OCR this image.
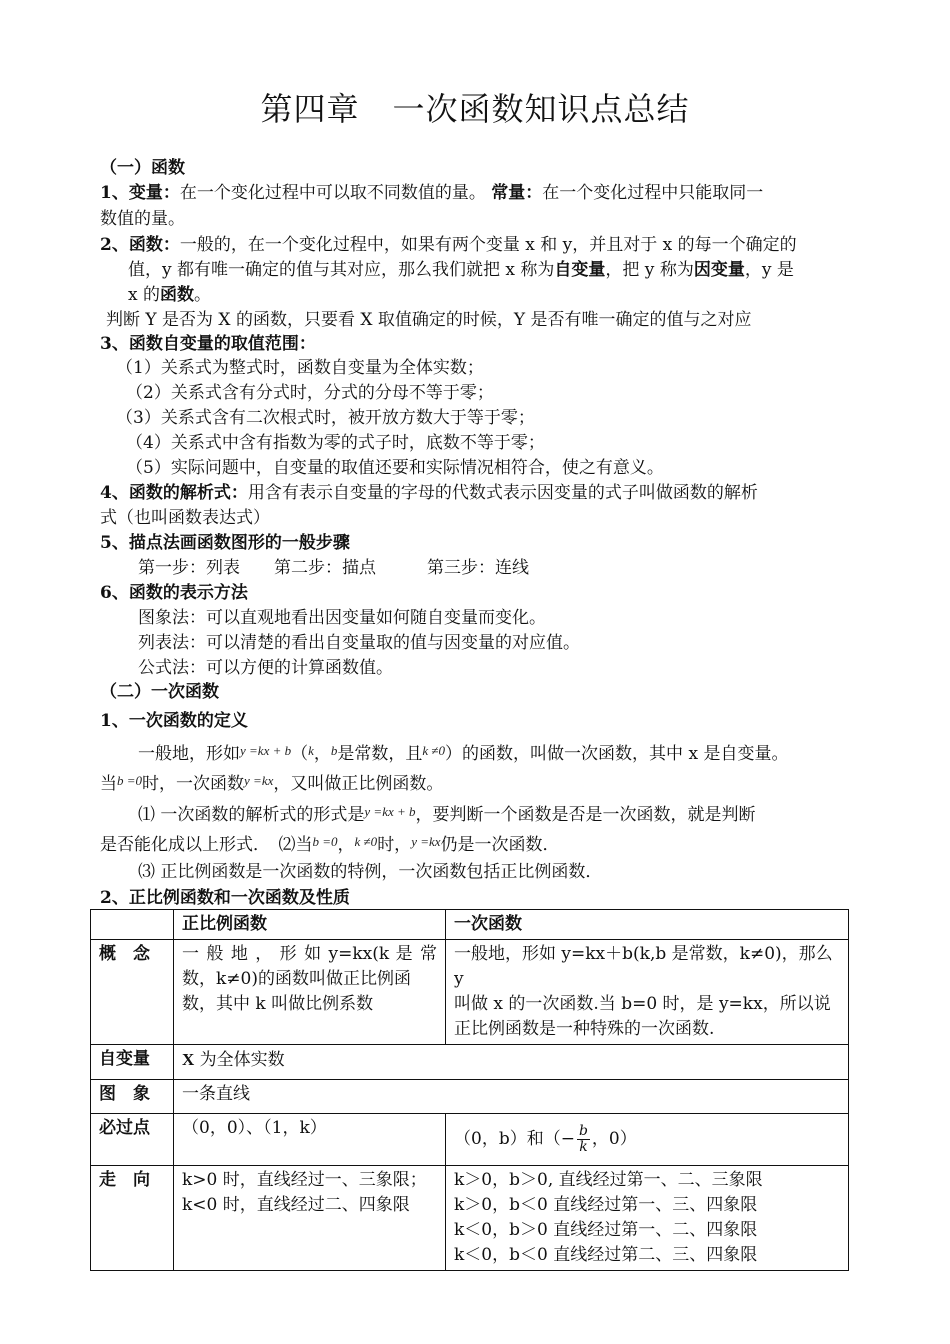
第四章　一次函数知识点总结
（一）函数
1、变量：在一个变化过程中可以取不同数值的量。 常量：在一个变化过程中只能取同一
数值的量。
2、函数：一般的，在一个变化过程中，如果有两个变量 x 和 y，并且对于 x 的每一个确定的
值，y 都有唯一确定的值与其对应，那么我们就把 x 称为自变量，把 y 称为因变量，y 是
x 的函数。
判断 Y 是否为 X 的函数，只要看 X 取值确定的时候，Y 是否有唯一确定的值与之对应
3、函数自变量的取值范围：
（1）关系式为整式时，函数自变量为全体实数；
（2）关系式含有分式时，分式的分母不等于零；
（3）关系式含有二次根式时，被开放方数大于等于零；
（4）关系式中含有指数为零的式子时，底数不等于零；
（5）实际问题中，自变量的取值还要和实际情况相符合，使之有意义。
4、函数的解析式：用含有表示自变量的字母的代数式表示因变量的式子叫做函数的解析
式（也叫函数表达式）
5、描点法画函数图形的一般步骤
第一步：列表　　第二步：描点　　　第三步：连线
6、函数的表示方法
图象法：可以直观地看出因变量如何随自变量而变化。
列表法：可以清楚的看出自变量取的值与因变量的对应值。
公式法：可以方便的计算函数值。
（二）一次函数
1、一次函数的定义
一般地，形如$^{y =kx + b}$（$^k$，$^b$是常数，且$^{k \ne 0}$）的函数，叫做一次函数，其中 x 是自变量。
当$^{b =0}$时，一次函数$^{y =kx}$，又叫做正比例函数。
⑴ 一次函数的解析式的形式是$^{y =kx + b}$，要判断一个函数是否是一次函数，就是判断
是否能化成以上形式．　⑵当$^{b =0}$，$^{k \ne 0}$时，$^{y =kx}$仍是一次函数．
⑶ 正比例函数是一次函数的特例，一次函数包括正比例函数．
2、正比例函数和一次函数及性质
	正比例函数	一次函数
概　念	一 般 地 ， 形 如 y=kx(k 是 常
数，k≠0)的函数叫做正比例函
数，其中 k 叫做比例系数	一般地，形如 y=kx＋b(k,b 是常数，k≠0)，那么 y
叫做 x 的一次函数.当 b=0 时，是 y=kx，所以说
正比例函数是一种特殊的一次函数.

自变量	X 为全体实数	
图　象	一条直线	
必过点	（0，0）、（1，k）	（0，b）和（− $\frac{b}{k}$ ，0）
走　向	k>0 时，直线经过一、三象限；
k<0 时，直线经过二、四象限	k＞0，b＞0, 直线经过第一、二、三象限
k＞0，b＜0 直线经过第一、三、四象限
k＜0，b＞0 直线经过第一、二、四象限
k＜0，b＜0 直线经过第二、三、四象限
